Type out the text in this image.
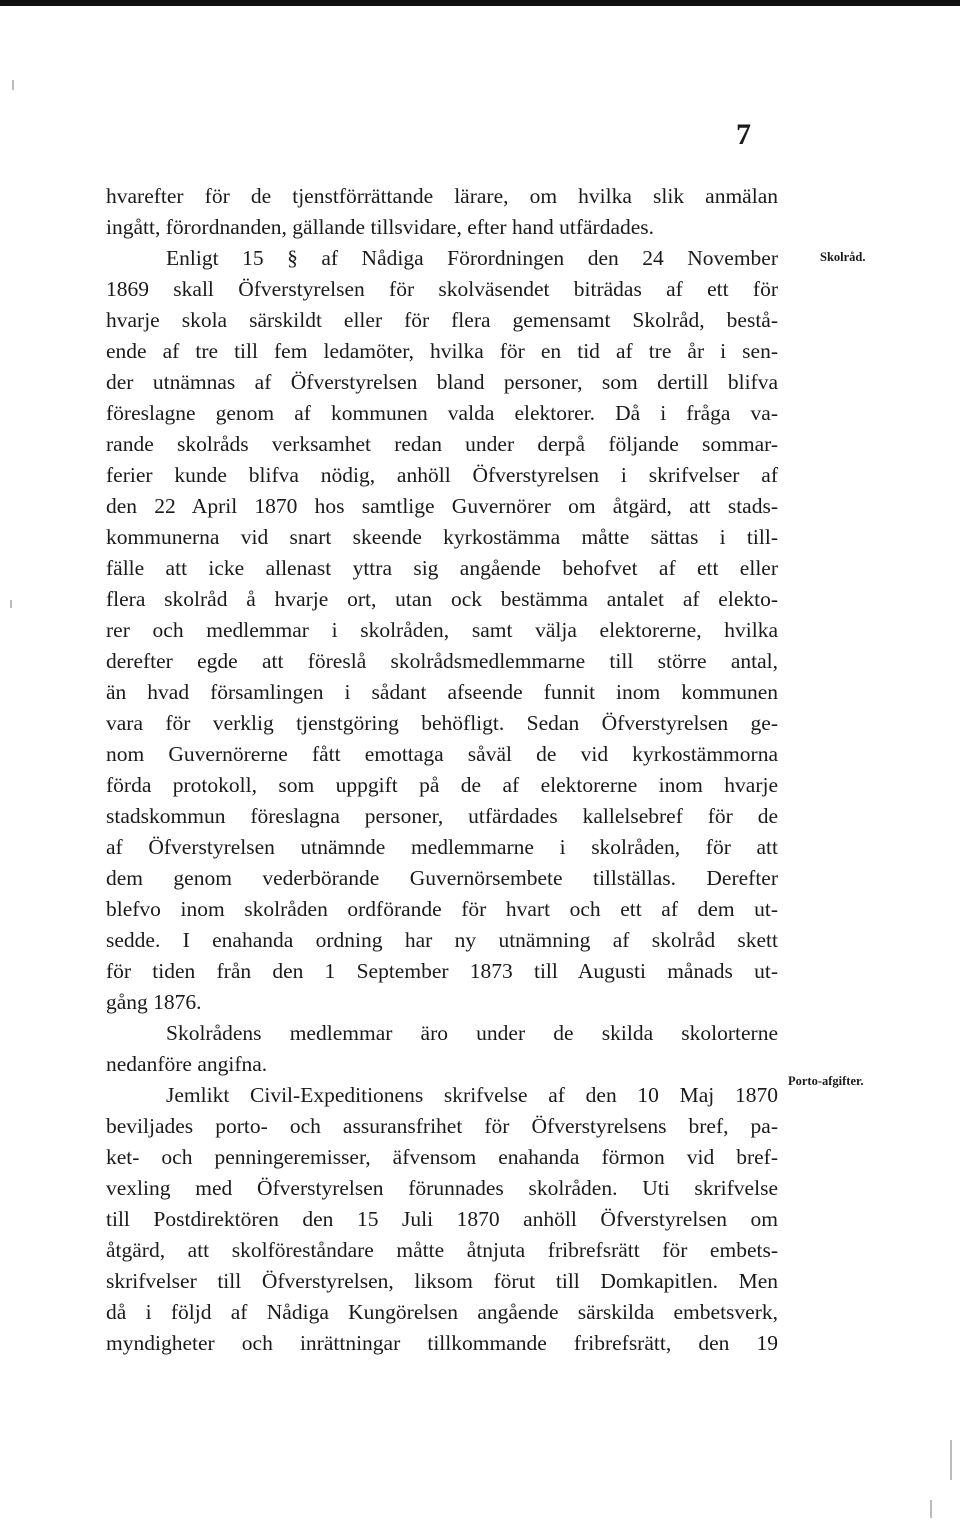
7
Skolråd.
Porto-afgifter.
hvarefter för de tjenstförrättande lärare, om hvilka slik anmälan
ingått, förordnanden, gällande tillsvidare, efter hand utfärdades.
Enligt 15 § af Nådiga Förordningen den 24 November
1869 skall Öfverstyrelsen för skolväsendet biträdas af ett för
hvarje skola särskildt eller för flera gemensamt Skolråd, bestå-
ende af tre till fem ledamöter, hvilka för en tid af tre år i sen-
der utnämnas af Öfverstyrelsen bland personer, som dertill blifva
föreslagne genom af kommunen valda elektorer. Då i fråga va-
rande skolråds verksamhet redan under derpå följande sommar-
ferier kunde blifva nödig, anhöll Öfverstyrelsen i skrifvelser af
den 22 April 1870 hos samtlige Guvernörer om åtgärd, att stads-
kommunerna vid snart skeende kyrkostämma måtte sättas i till-
fälle att icke allenast yttra sig angående behofvet af ett eller
flera skolråd å hvarje ort, utan ock bestämma antalet af elekto-
rer och medlemmar i skolråden, samt välja elektorerne, hvilka
derefter egde att föreslå skolrådsmedlemmarne till större antal,
än hvad församlingen i sådant afseende funnit inom kommunen
vara för verklig tjenstgöring behöfligt. Sedan Öfverstyrelsen ge-
nom Guvernörerne fått emottaga såväl de vid kyrkostämmorna
förda protokoll, som uppgift på de af elektorerne inom hvarje
stadskommun föreslagna personer, utfärdades kallelsebref för de
af Öfverstyrelsen utnämnde medlemmarne i skolråden, för att
dem genom vederbörande Guvernörsembete tillställas. Derefter
blefvo inom skolråden ordförande för hvart och ett af dem ut-
sedde. I enahanda ordning har ny utnämning af skolråd skett
för tiden från den 1 September 1873 till Augusti månads ut-
gång 1876.
Skolrådens medlemmar äro under de skilda skolorterne
nedanföre angifna.
Jemlikt Civil-Expeditionens skrifvelse af den 10 Maj 1870
beviljades porto- och assuransfrihet för Öfverstyrelsens bref, pa-
ket- och penningeremisser, äfvensom enahanda förmon vid bref-
vexling med Öfverstyrelsen förunnades skolråden. Uti skrifvelse
till Postdirektören den 15 Juli 1870 anhöll Öfverstyrelsen om
åtgärd, att skolföreståndare måtte åtnjuta fribrefsrätt för embets-
skrifvelser till Öfverstyrelsen, liksom förut till Domkapitlen. Men
då i följd af Nådiga Kungörelsen angående särskilda embetsverk,
myndigheter och inrättningar tillkommande fribrefsrätt, den 19
